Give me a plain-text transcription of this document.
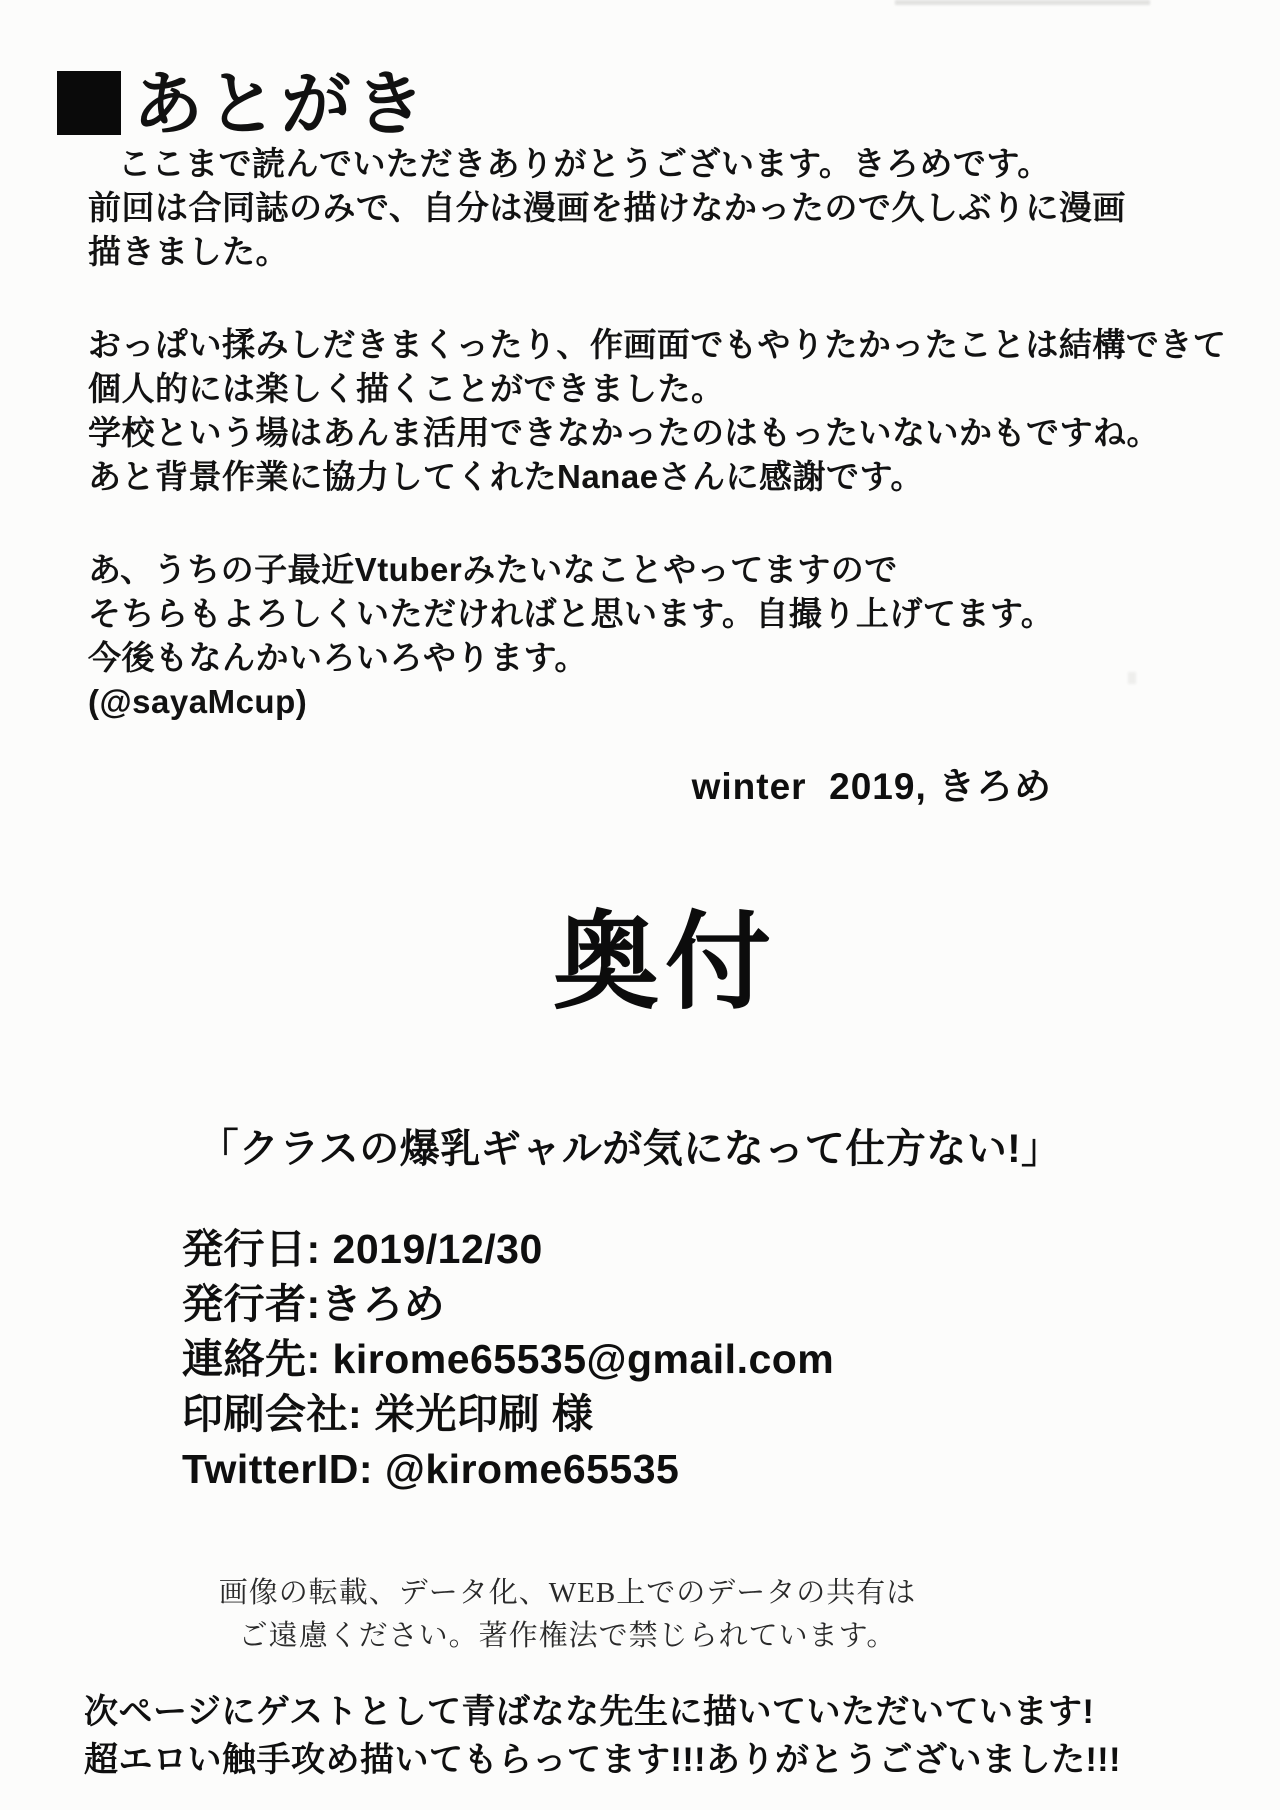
あとがき
ここまで読んでいただきありがとうございます。きろめです。
前回は合同誌のみで、自分は漫画を描けなかったので久しぶりに漫画
描きました。
おっぱい揉みしだきまくったり、作画面でもやりたかったことは結構できて
個人的には楽しく描くことができました。
学校という場はあんま活用できなかったのはもったいないかもですね。
あと背景作業に協力してくれたNanaeさんに感謝です。
あ、うちの子最近Vtuberみたいなことやってますので
そちらもよろしくいただければと思います。自撮り上げてます。
今後もなんかいろいろやります。
(@sayaMcup)
winter  2019, きろめ
奥付
「クラスの爆乳ギャルが気になって仕方ない!」
発行日: 2019/12/30
発行者:きろめ
連絡先: kirome65535@gmail.com
印刷会社: 栄光印刷 様
TwitterID: @kirome65535
画像の転載、データ化、WEB上でのデータの共有は
ご遠慮ください。著作権法で禁じられています。
次ページにゲストとして青ばなな先生に描いていただいています!
超エロい触手攻め描いてもらってます!!!ありがとうございました!!!
